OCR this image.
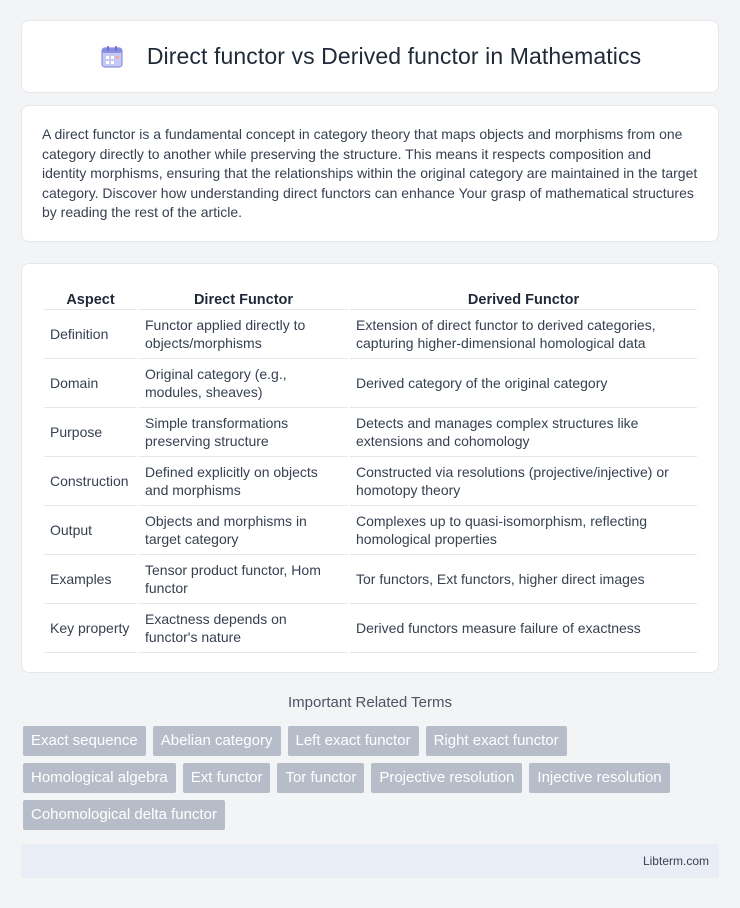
Direct functor vs Derived functor in Mathematics

A direct functor is a fundamental concept in category theory that maps objects and morphisms from one category directly to another while preserving the structure. This means it respects composition and identity morphisms, ensuring that the relationships within the original category are maintained in the target category. Discover how understanding direct functors can enhance Your grasp of mathematical structures by reading the rest of the article.

Aspect	Direct Functor	Derived Functor
Definition	Functor applied directly to objects/morphisms	Extension of direct functor to derived categories, capturing higher-dimensional homological data
Domain	Original category (e.g., modules, sheaves)	Derived category of the original category
Purpose	Simple transformations preserving structure	Detects and manages complex structures like extensions and cohomology
Construction	Defined explicitly on objects and morphisms	Constructed via resolutions (projective/injective) or homotopy theory
Output	Objects and morphisms in target category	Complexes up to quasi-isomorphism, reflecting homological properties
Examples	Tensor product functor, Hom functor	Tor functors, Ext functors, higher direct images
Key property	Exactness depends on functor's nature	Derived functors measure failure of exactness
Important Related Terms
Exact sequence	Abelian category	Left exact functor	Right exact functor
Homological algebra	Ext functor	Tor functor	Projective resolution	Injective resolution
Cohomological delta functor
Libterm.com
